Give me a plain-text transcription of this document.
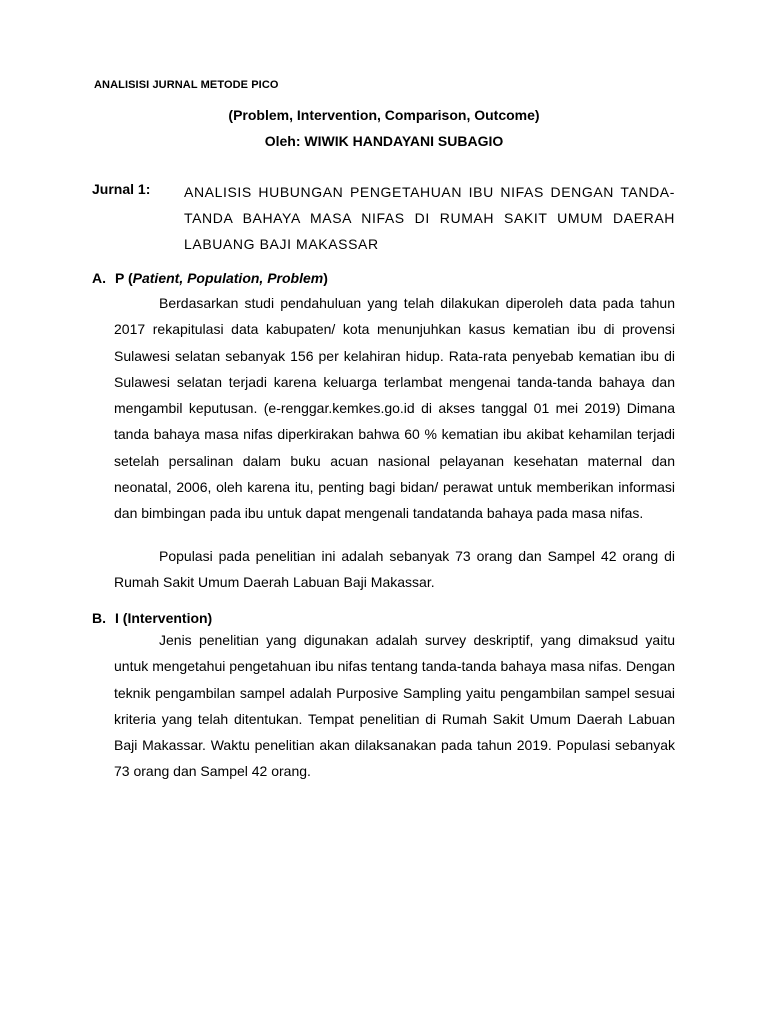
ANALISISI JURNAL METODE PICO
(Problem, Intervention, Comparison, Outcome)
Oleh: WIWIK HANDAYANI SUBAGIO
Jurnal 1: ANALISIS HUBUNGAN PENGETAHUAN IBU NIFAS DENGAN TANDA-TANDA BAHAYA MASA NIFAS DI RUMAH SAKIT UMUM DAERAH LABUANG BAJI MAKASSAR
A. P (Patient, Population, Problem)

Berdasarkan studi pendahuluan yang telah dilakukan diperoleh data pada tahun 2017 rekapitulasi data kabupaten/ kota menunjuhkan kasus kematian ibu di provensi Sulawesi selatan sebanyak 156 per kelahiran hidup. Rata-rata penyebab kematian ibu di Sulawesi selatan terjadi karena keluarga terlambat mengenai tanda-tanda bahaya dan mengambil keputusan. (e-renggar.kemkes.go.id di akses tanggal 01 mei 2019) Dimana tanda bahaya masa nifas diperkirakan bahwa 60 % kematian ibu akibat kehamilan terjadi setelah persalinan dalam buku acuan nasional pelayanan kesehatan maternal dan neonatal, 2006, oleh karena itu, penting bagi bidan/ perawat untuk memberikan informasi dan bimbingan pada ibu untuk dapat mengenali tandatanda bahaya pada masa nifas.

Populasi pada penelitian ini adalah sebanyak 73 orang dan Sampel 42 orang di Rumah Sakit Umum Daerah Labuan Baji Makassar.

B. I (Intervention)

Jenis penelitian yang digunakan adalah survey deskriptif, yang dimaksud yaitu untuk mengetahui pengetahuan ibu nifas tentang tanda-tanda bahaya masa nifas. Dengan teknik pengambilan sampel adalah Purposive Sampling yaitu pengambilan sampel sesuai kriteria yang telah ditentukan. Tempat penelitian di Rumah Sakit Umum Daerah Labuan Baji Makassar. Waktu penelitian akan dilaksanakan pada tahun 2019. Populasi sebanyak 73 orang dan Sampel 42 orang.
